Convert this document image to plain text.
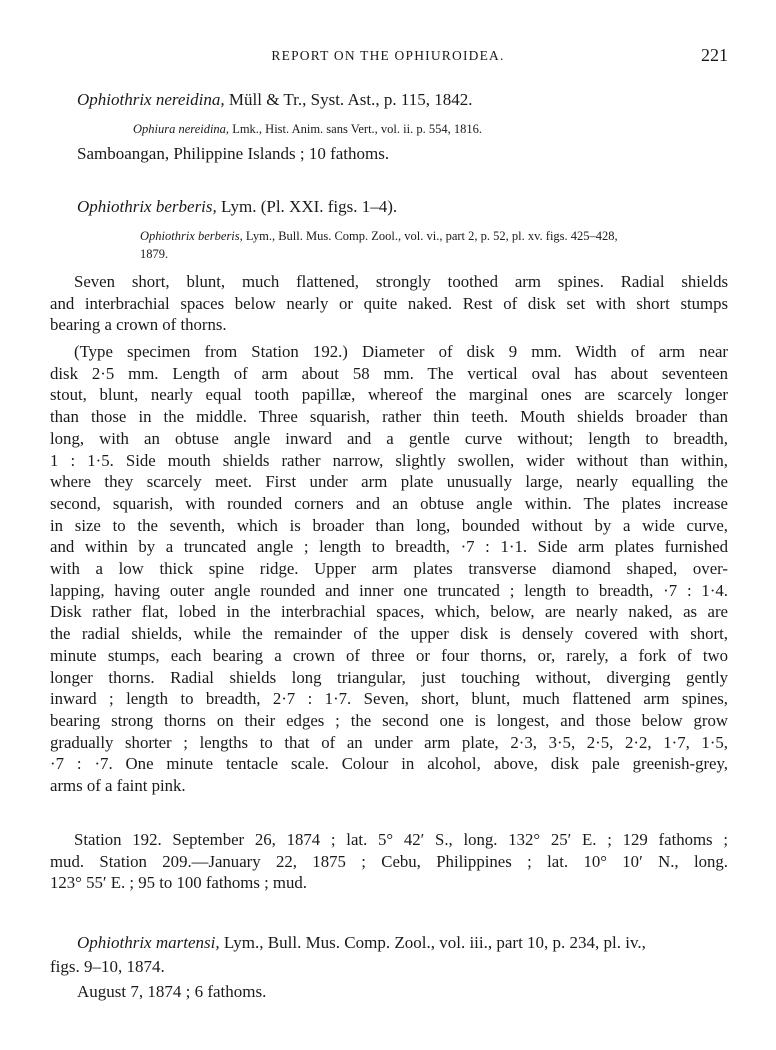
REPORT ON THE OPHIUROIDEA.	221
Ophiothrix nereidina, Müll & Tr., Syst. Ast., p. 115, 1842.
Ophiura nereidina, Lmk., Hist. Anim. sans Vert., vol. ii. p. 554, 1816.
Samboangan, Philippine Islands ; 10 fathoms.
Ophiothrix berberis, Lym. (Pl. XXI. figs. 1–4).
Ophiothrix berberis, Lym., Bull. Mus. Comp. Zool., vol. vi., part 2, p. 52, pl. xv. figs. 425–428,
1879.
Seven short, blunt, much flattened, strongly toothed arm spines. Radial shields
and interbrachial spaces below nearly or quite naked. Rest of disk set with short stumps
bearing a crown of thorns.
(Type specimen from Station 192.) Diameter of disk 9 mm. Width of arm near
disk 2·5 mm. Length of arm about 58 mm. The vertical oval has about seventeen
stout, blunt, nearly equal tooth papillæ, whereof the marginal ones are scarcely longer
than those in the middle. Three squarish, rather thin teeth. Mouth shields broader than
long, with an obtuse angle inward and a gentle curve without; length to breadth,
1 : 1·5. Side mouth shields rather narrow, slightly swollen, wider without than within,
where they scarcely meet. First under arm plate unusually large, nearly equalling the
second, squarish, with rounded corners and an obtuse angle within. The plates increase
in size to the seventh, which is broader than long, bounded without by a wide curve,
and within by a truncated angle ; length to breadth, ·7 : 1·1. Side arm plates furnished
with a low thick spine ridge. Upper arm plates transverse diamond shaped, over-
lapping, having outer angle rounded and inner one truncated ; length to breadth, ·7 : 1·4.
Disk rather flat, lobed in the interbrachial spaces, which, below, are nearly naked, as are
the radial shields, while the remainder of the upper disk is densely covered with short,
minute stumps, each bearing a crown of three or four thorns, or, rarely, a fork of two
longer thorns. Radial shields long triangular, just touching without, diverging gently
inward ; length to breadth, 2·7 : 1·7. Seven, short, blunt, much flattened arm spines,
bearing strong thorns on their edges ; the second one is longest, and those below grow
gradually shorter ; lengths to that of an under arm plate, 2·3, 3·5, 2·5, 2·2, 1·7, 1·5,
·7 : ·7. One minute tentacle scale. Colour in alcohol, above, disk pale greenish-grey,
arms of a faint pink.
Station 192. September 26, 1874 ; lat. 5° 42′ S., long. 132° 25′ E. ; 129 fathoms ;
mud. Station 209.—January 22, 1875 ; Cebu, Philippines ; lat. 10° 10′ N., long.
123° 55′ E. ; 95 to 100 fathoms ; mud.
Ophiothrix martensi, Lym., Bull. Mus. Comp. Zool., vol. iii., part 10, p. 234, pl. iv.,
figs. 9–10, 1874.
August 7, 1874 ; 6 fathoms.
